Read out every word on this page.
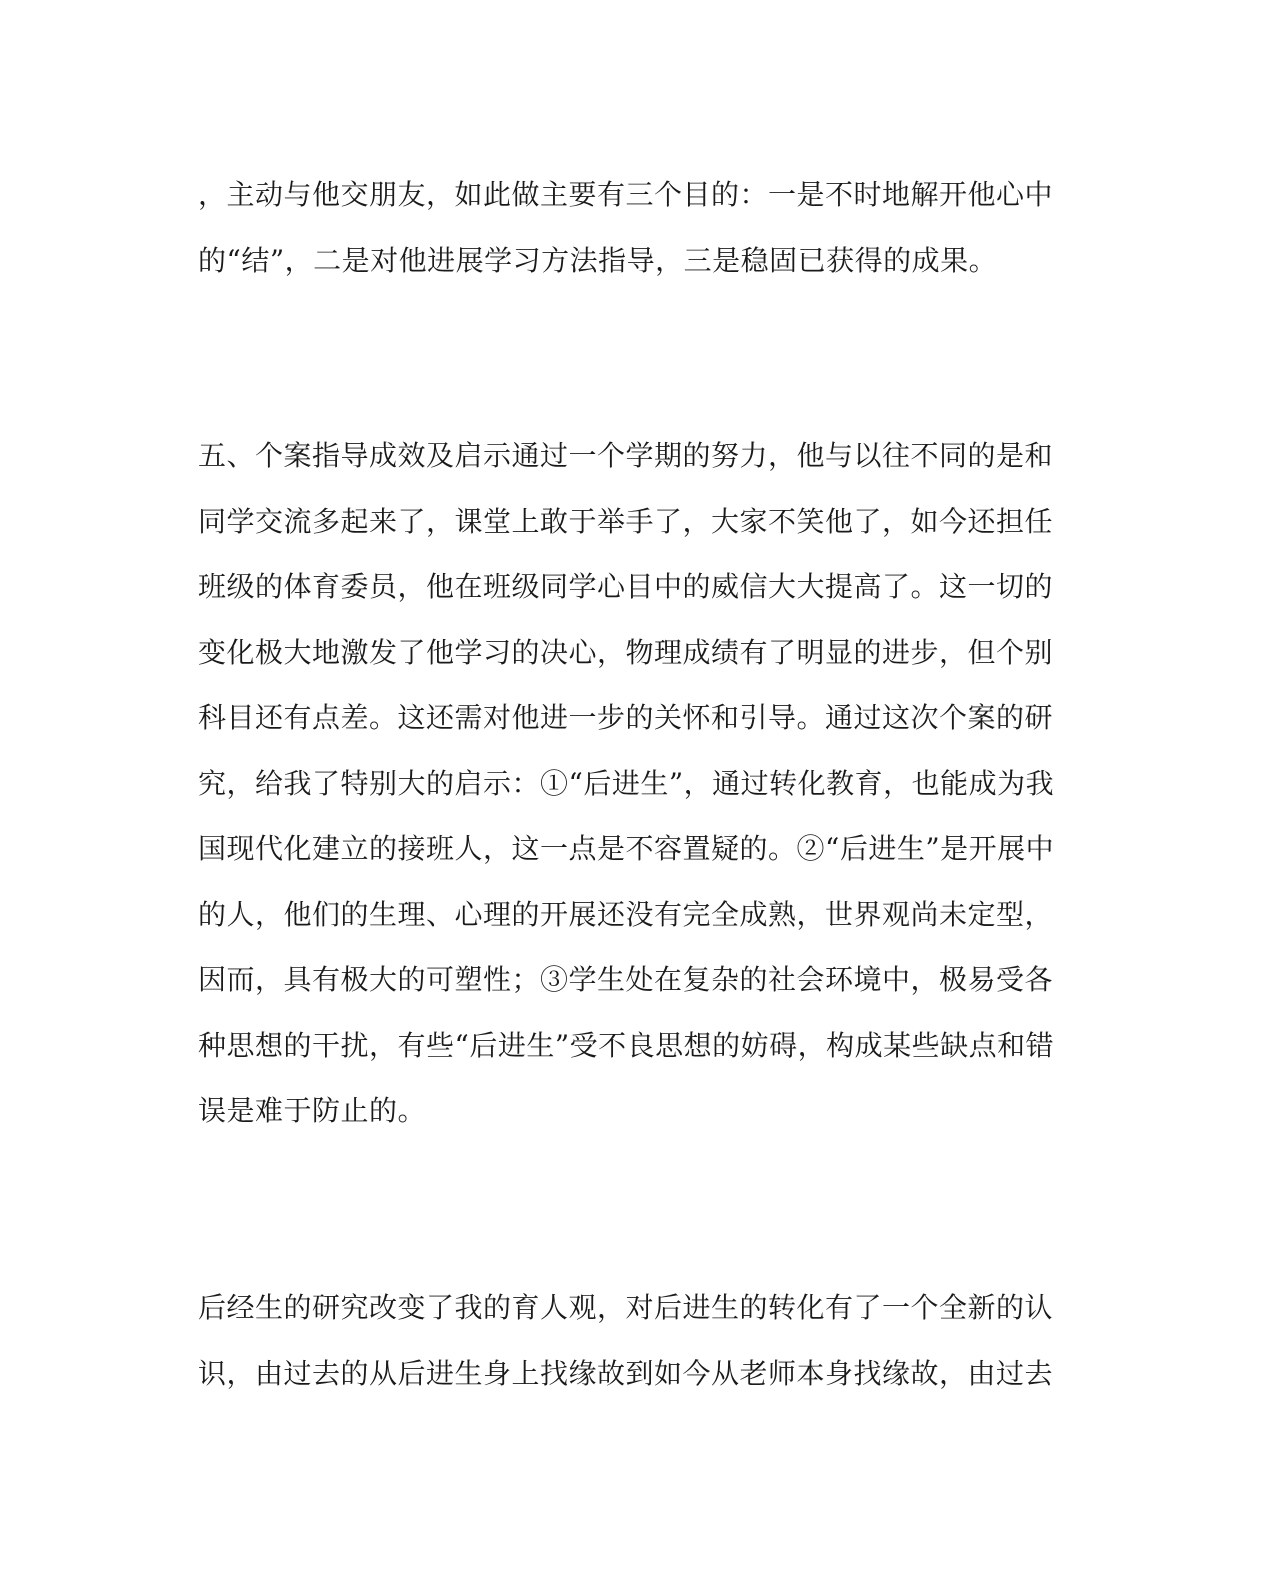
，主动与他交朋友，如此做主要有三个目的：一是不时地解开他心中
的“结”，二是对他进展学习方法指导，三是稳固已获得的成果。

五、个案指导成效及启示通过一个学期的努力，他与以往不同的是和
同学交流多起来了，课堂上敢于举手了，大家不笑他了，如今还担任
班级的体育委员，他在班级同学心目中的威信大大提高了。这一切的
变化极大地激发了他学习的决心，物理成绩有了明显的进步，但个别
科目还有点差。这还需对他进一步的关怀和引导。通过这次个案的研
究，给我了特别大的启示：①“后进生”，通过转化教育，也能成为我
国现代化建立的接班人，这一点是不容置疑的。②“后进生”是开展中
的人，他们的生理、心理的开展还没有完全成熟，世界观尚未定型，
因而，具有极大的可塑性；③学生处在复杂的社会环境中，极易受各
种思想的干扰，有些“后进生”受不良思想的妨碍，构成某些缺点和错
误是难于防止的。

后经生的研究改变了我的育人观，对后进生的转化有了一个全新的认
识，由过去的从后进生身上找缘故到如今从老师本身找缘故，由过去
